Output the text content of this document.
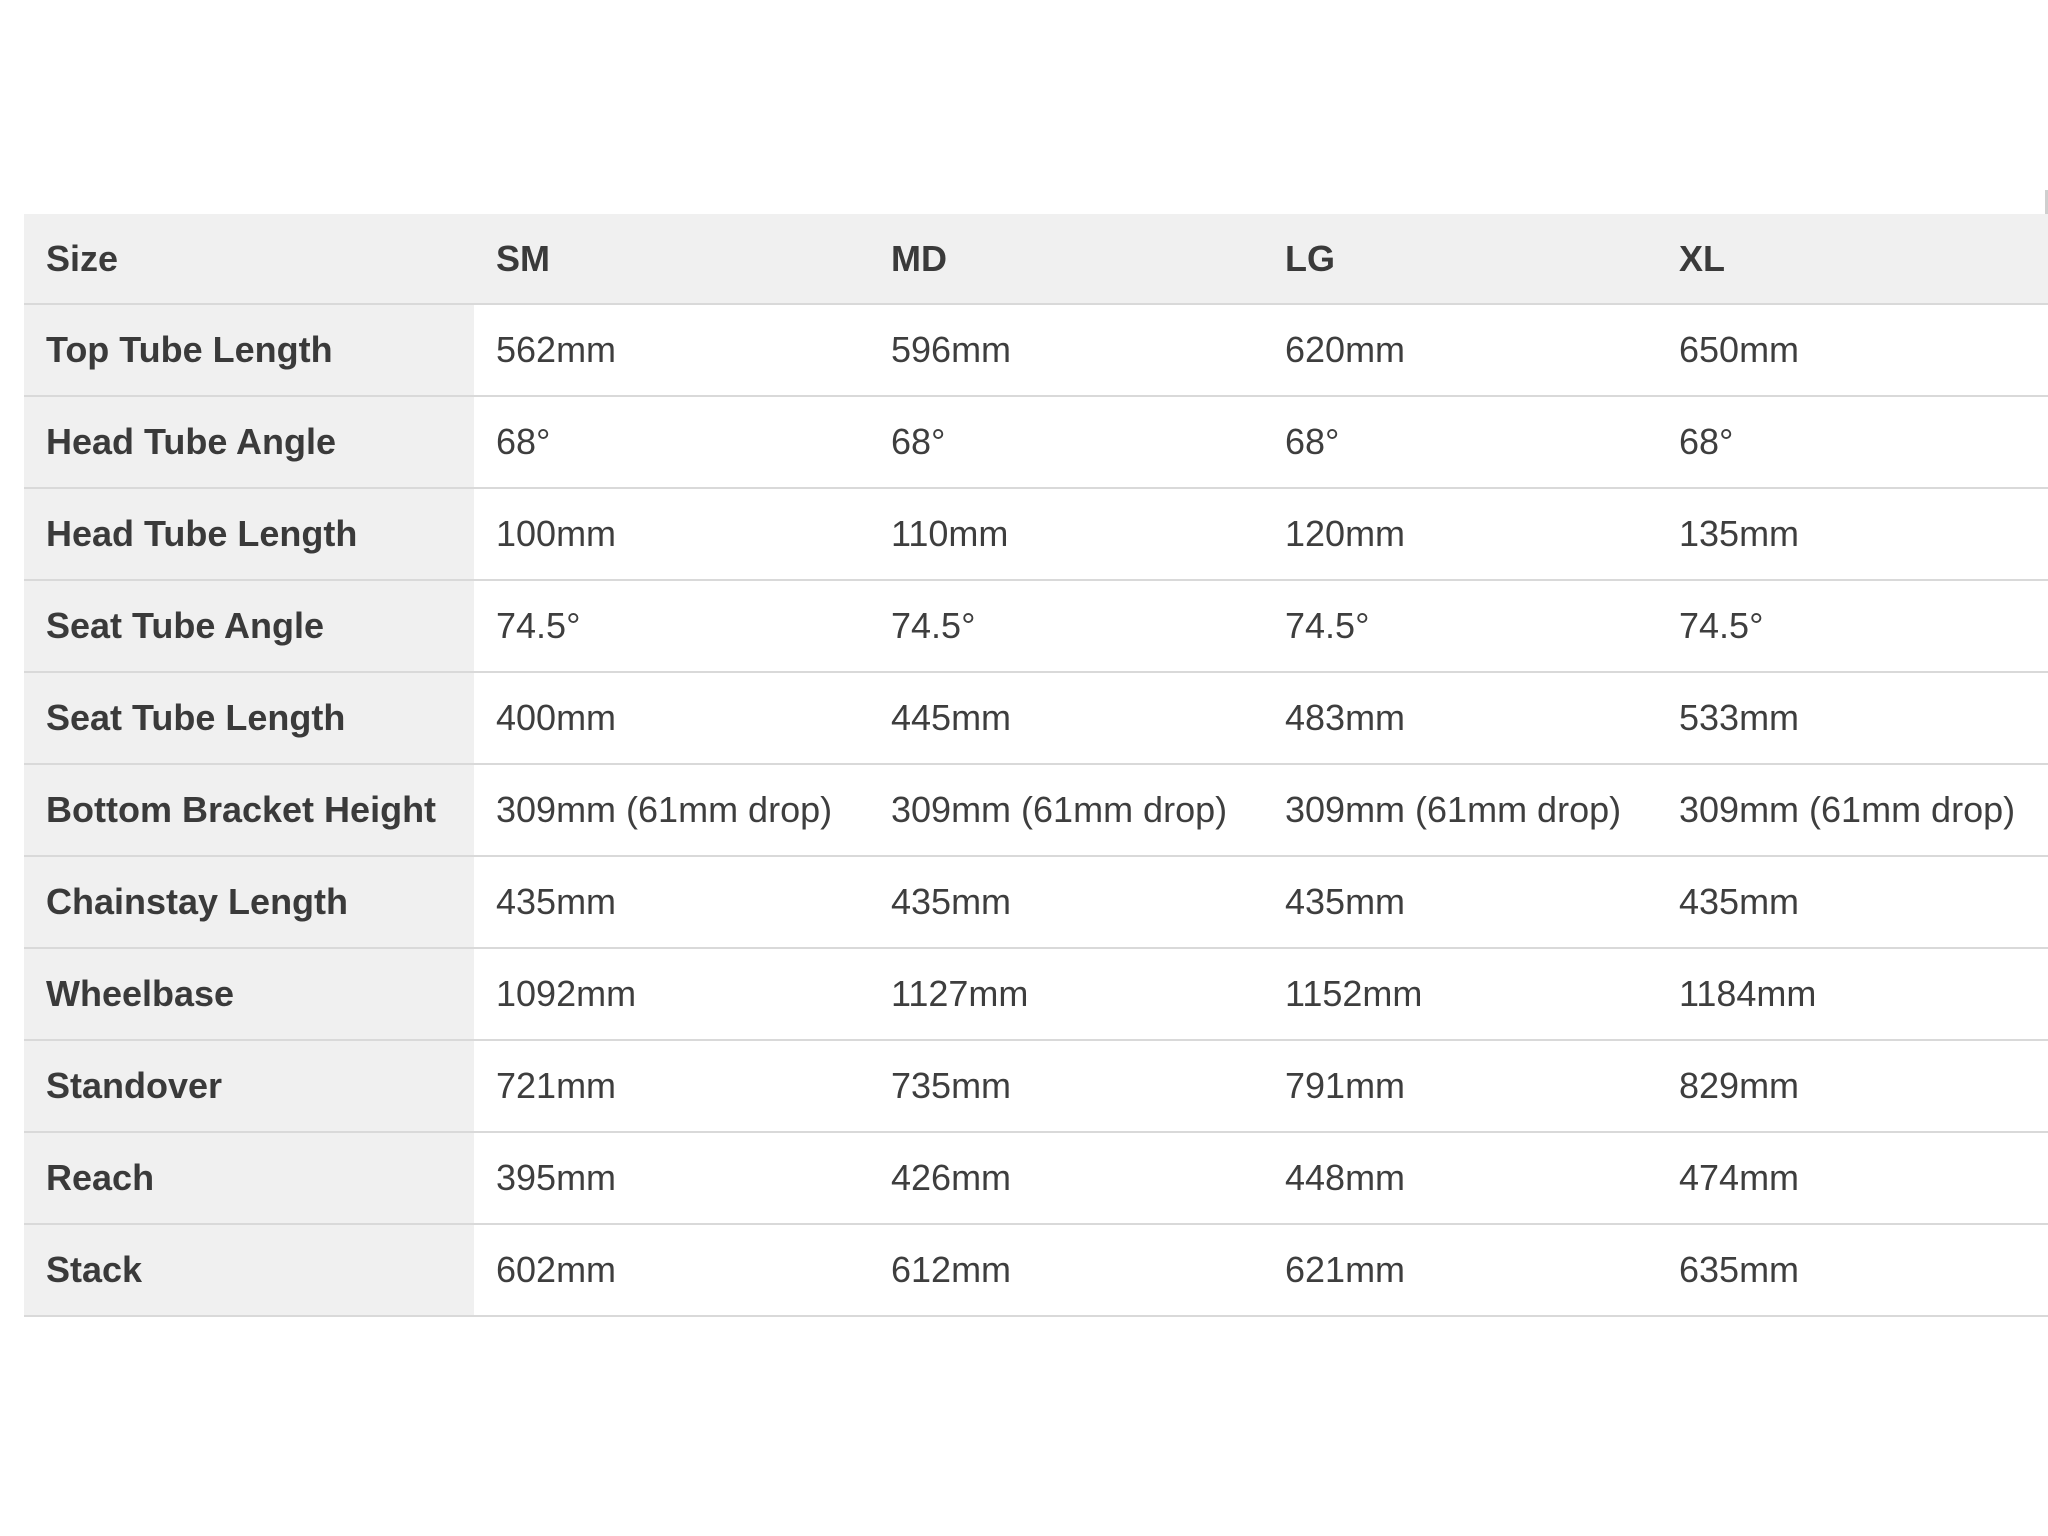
Size	SM	MD	LG	XL
Top Tube Length	562mm	596mm	620mm	650mm
Head Tube Angle	68°	68°	68°	68°
Head Tube Length	100mm	110mm	120mm	135mm
Seat Tube Angle	74.5°	74.5°	74.5°	74.5°
Seat Tube Length	400mm	445mm	483mm	533mm
Bottom Bracket Height	309mm (61mm drop)	309mm (61mm drop)	309mm (61mm drop)	309mm (61mm drop)
Chainstay Length	435mm	435mm	435mm	435mm
Wheelbase	1092mm	1127mm	1152mm	1184mm
Standover	721mm	735mm	791mm	829mm
Reach	395mm	426mm	448mm	474mm
Stack	602mm	612mm	621mm	635mm
